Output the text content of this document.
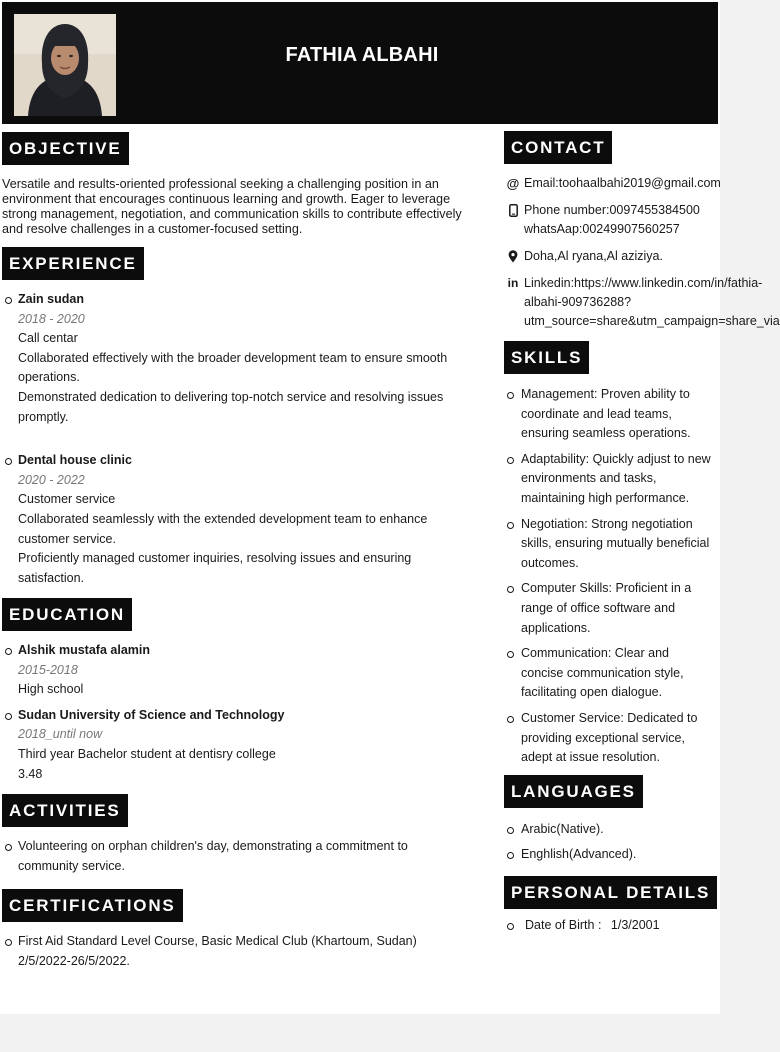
FATHIA ALBAHI
OBJECTIVE
Versatile and results-oriented professional seeking a challenging position in an
environment that encourages continuous learning and growth. Eager to leverage
strong management, negotiation, and communication skills to contribute effectively
and resolve challenges in a customer-focused setting.
EXPERIENCE
Zain sudan
2018 - 2020
Call centar
Collaborated effectively with the broader development team to ensure smooth
operations.
Demonstrated dedication to delivering top-notch service and resolving issues
promptly.
Dental house clinic
2020 - 2022
Customer service
Collaborated seamlessly with the extended development team to enhance
customer service.
Proficiently managed customer inquiries, resolving issues and ensuring
satisfaction.
EDUCATION
Alshik mustafa alamin
2015-2018
High school
Sudan University of Science and Technology
2018_until now
Third year Bachelor student at dentisry college
3.48
ACTIVITIES
Volunteering on orphan children's day, demonstrating a commitment to
community service.
CERTIFICATIONS
First Aid Standard Level Course, Basic Medical Club (Khartoum, Sudan)
2/5/2022-26/5/2022.
CONTACT
@ Email:toohaalbahi2019@gmail.com
Phone number:0097455384500
whatsAap:00249907560257
Doha,Al ryana,Al aziziya.
in Linkedin:https://www.linkedin.com/in/fathia-
albahi-909736288?
utm_source=share&utm_campaign=share_via
SKILLS
Management: Proven ability to
coordinate and lead teams,
ensuring seamless operations.
Adaptability: Quickly adjust to new
environments and tasks,
maintaining high performance.
Negotiation: Strong negotiation
skills, ensuring mutually beneficial
outcomes.
Computer Skills: Proficient in a
range of office software and
applications.
Communication: Clear and
concise communication style,
facilitating open dialogue.
Customer Service: Dedicated to
providing exceptional service,
adept at issue resolution.
LANGUAGES
Arabic(Native).
Enghlish(Advanced).
PERSONAL DETAILS
Date of Birth : 1/3/2001
